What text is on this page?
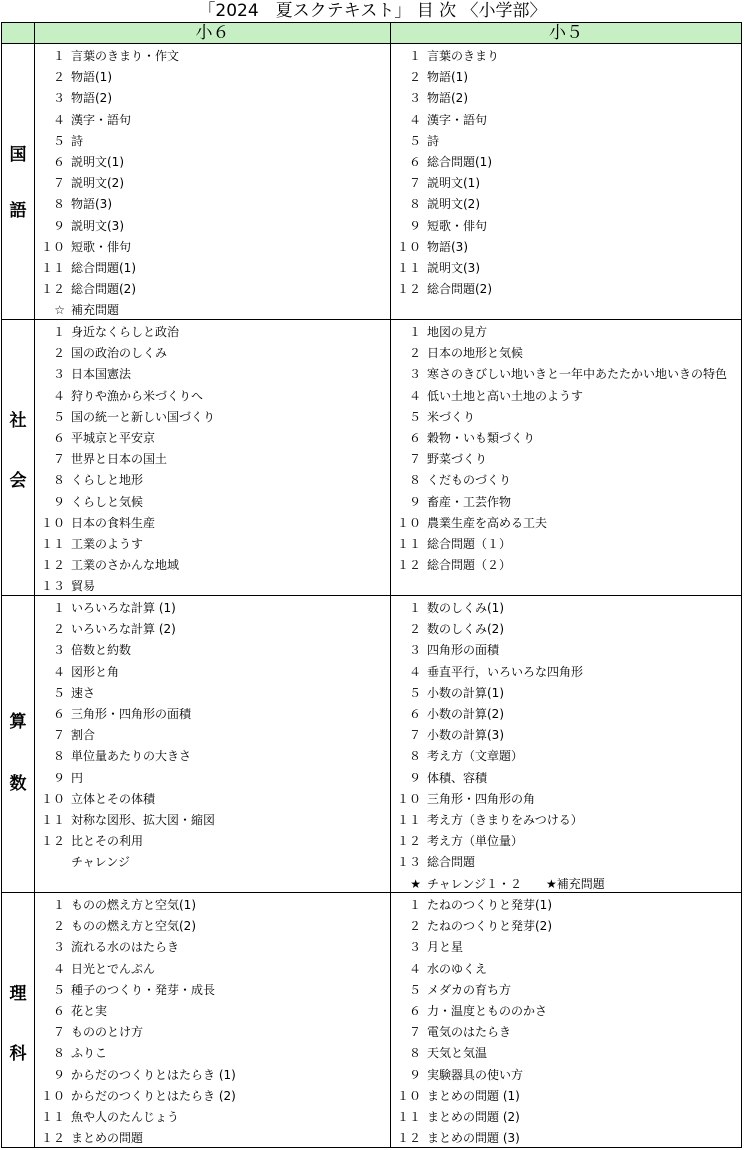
「2024　夏スクテキスト」 目 次 〈小学部〉
小６	小５
国
語
１ 言葉のきまり・作文
２ 物語(1)
３ 物語(2)
４ 漢字・語句
５ 詩
６ 説明文(1)
７ 説明文(2)
８ 物語(3)
９ 説明文(3)
１０ 短歌・俳句
１１ 総合問題(1)
１２ 総合問題(2)
☆ 補充問題
１ 言葉のきまり
２ 物語(1)
３ 物語(2)
４ 漢字・語句
５ 詩
６ 総合問題(1)
７ 説明文(1)
８ 説明文(2)
９ 短歌・俳句
１０ 物語(3)
１１ 説明文(3)
１２ 総合問題(2)
社
会
１ 身近なくらしと政治
２ 国の政治のしくみ
３ 日本国憲法
４ 狩りや漁から米づくりへ
５ 国の統一と新しい国づくり
６ 平城京と平安京
７ 世界と日本の国土
８ くらしと地形
９ くらしと気候
１０ 日本の食料生産
１１ 工業のようす
１２ 工業のさかんな地域
１３ 貿易
１ 地図の見方
２ 日本の地形と気候
３ 寒さのきびしい地いきと一年中あたたかい地いきの特色
４ 低い土地と高い土地のようす
５ 米づくり
６ 穀物・いも類づくり
７ 野菜づくり
８ くだものづくり
９ 畜産・工芸作物
１０ 農業生産を高める工夫
１１ 総合問題（１）
１２ 総合問題（２）
算
数
１ いろいろな計算 (1)
２ いろいろな計算 (2)
３ 倍数と約数
４ 図形と角
５ 速さ
６ 三角形・四角形の面積
７ 割合
８ 単位量あたりの大きさ
９ 円
１０ 立体とその体積
１１ 対称な図形、拡大図・縮図
１２ 比とその利用
チャレンジ
１ 数のしくみ(1)
２ 数のしくみ(2)
３ 四角形の面積
４ 垂直平行，いろいろな四角形
５ 小数の計算(1)
６ 小数の計算(2)
７ 小数の計算(3)
８ 考え方（文章題）
９ 体積、容積
１０ 三角形・四角形の角
１１ 考え方（きまりをみつける）
１２ 考え方（単位量）
１３ 総合問題
★ チャレンジ１・２　　★補充問題
理
科
１ ものの燃え方と空気(1)
２ ものの燃え方と空気(2)
３ 流れる水のはたらき
４ 日光とでんぷん
５ 種子のつくり・発芽・成長
６ 花と実
７ もののとけ方
８ ふりこ
９ からだのつくりとはたらき (1)
１０ からだのつくりとはたらき (2)
１１ 魚や人のたんじょう
１２ まとめの問題
１ たねのつくりと発芽(1)
２ たねのつくりと発芽(2)
３ 月と星
４ 水のゆくえ
５ メダカの育ち方
６ 力・温度ともののかさ
７ 電気のはたらき
８ 天気と気温
９ 実験器具の使い方
１０ まとめの問題 (1)
１１ まとめの問題 (2)
１２ まとめの問題 (3)
